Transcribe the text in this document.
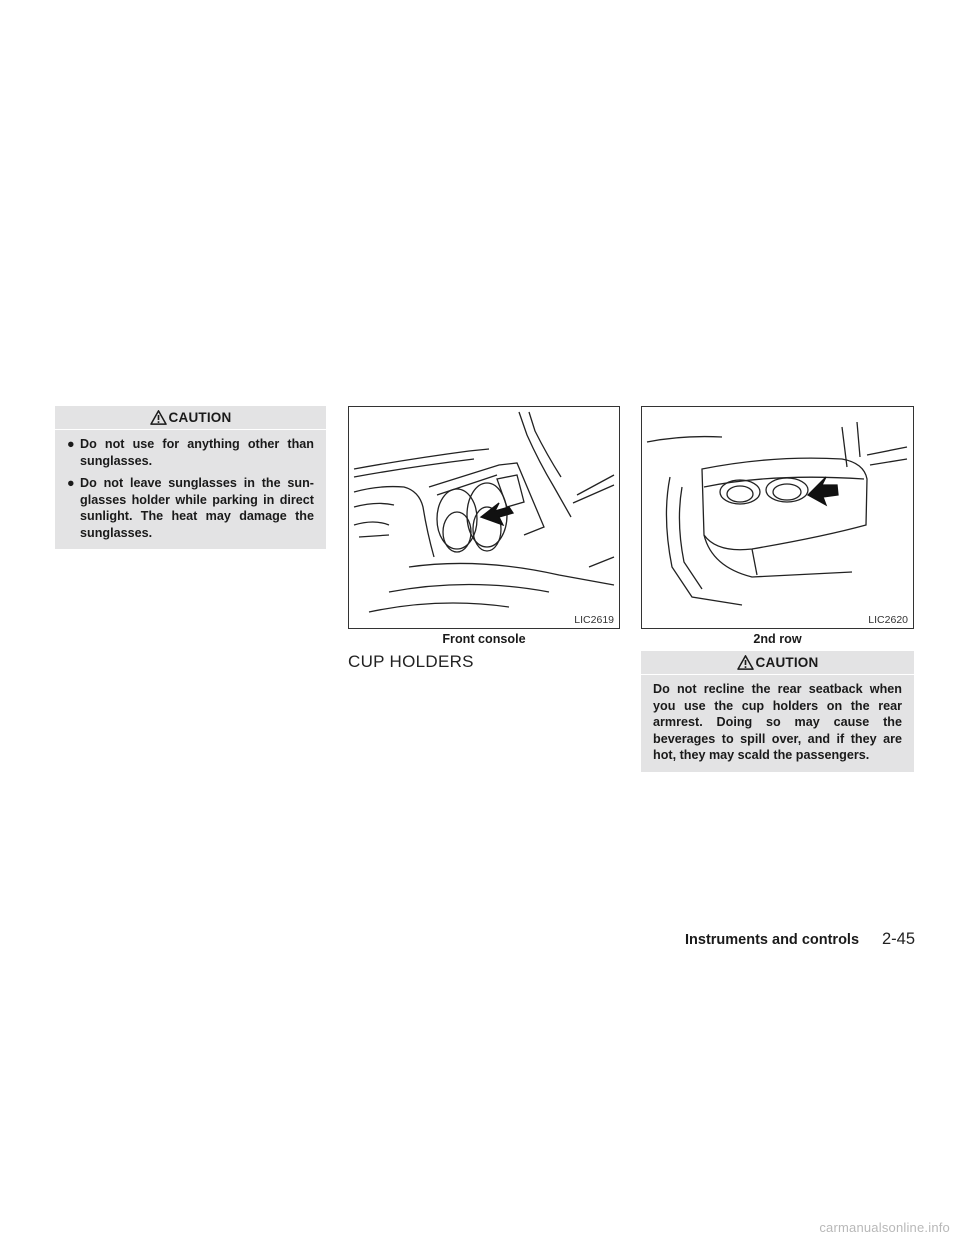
CAUTION
● Do not use for anything other than sunglasses.
● Do not leave sunglasses in the sun-glasses holder while parking in direct sunlight. The heat may damage the sunglasses.
LIC2619
Front console
LIC2620
2nd row
CUP HOLDERS	CAUTION
Do not recline the rear seatback when you use the cup holders on the rear armrest. Doing so may cause the beverages to spill over, and if they are hot, they may scald the passengers.
Instruments and controls 2-45
carmanualsonline.info
